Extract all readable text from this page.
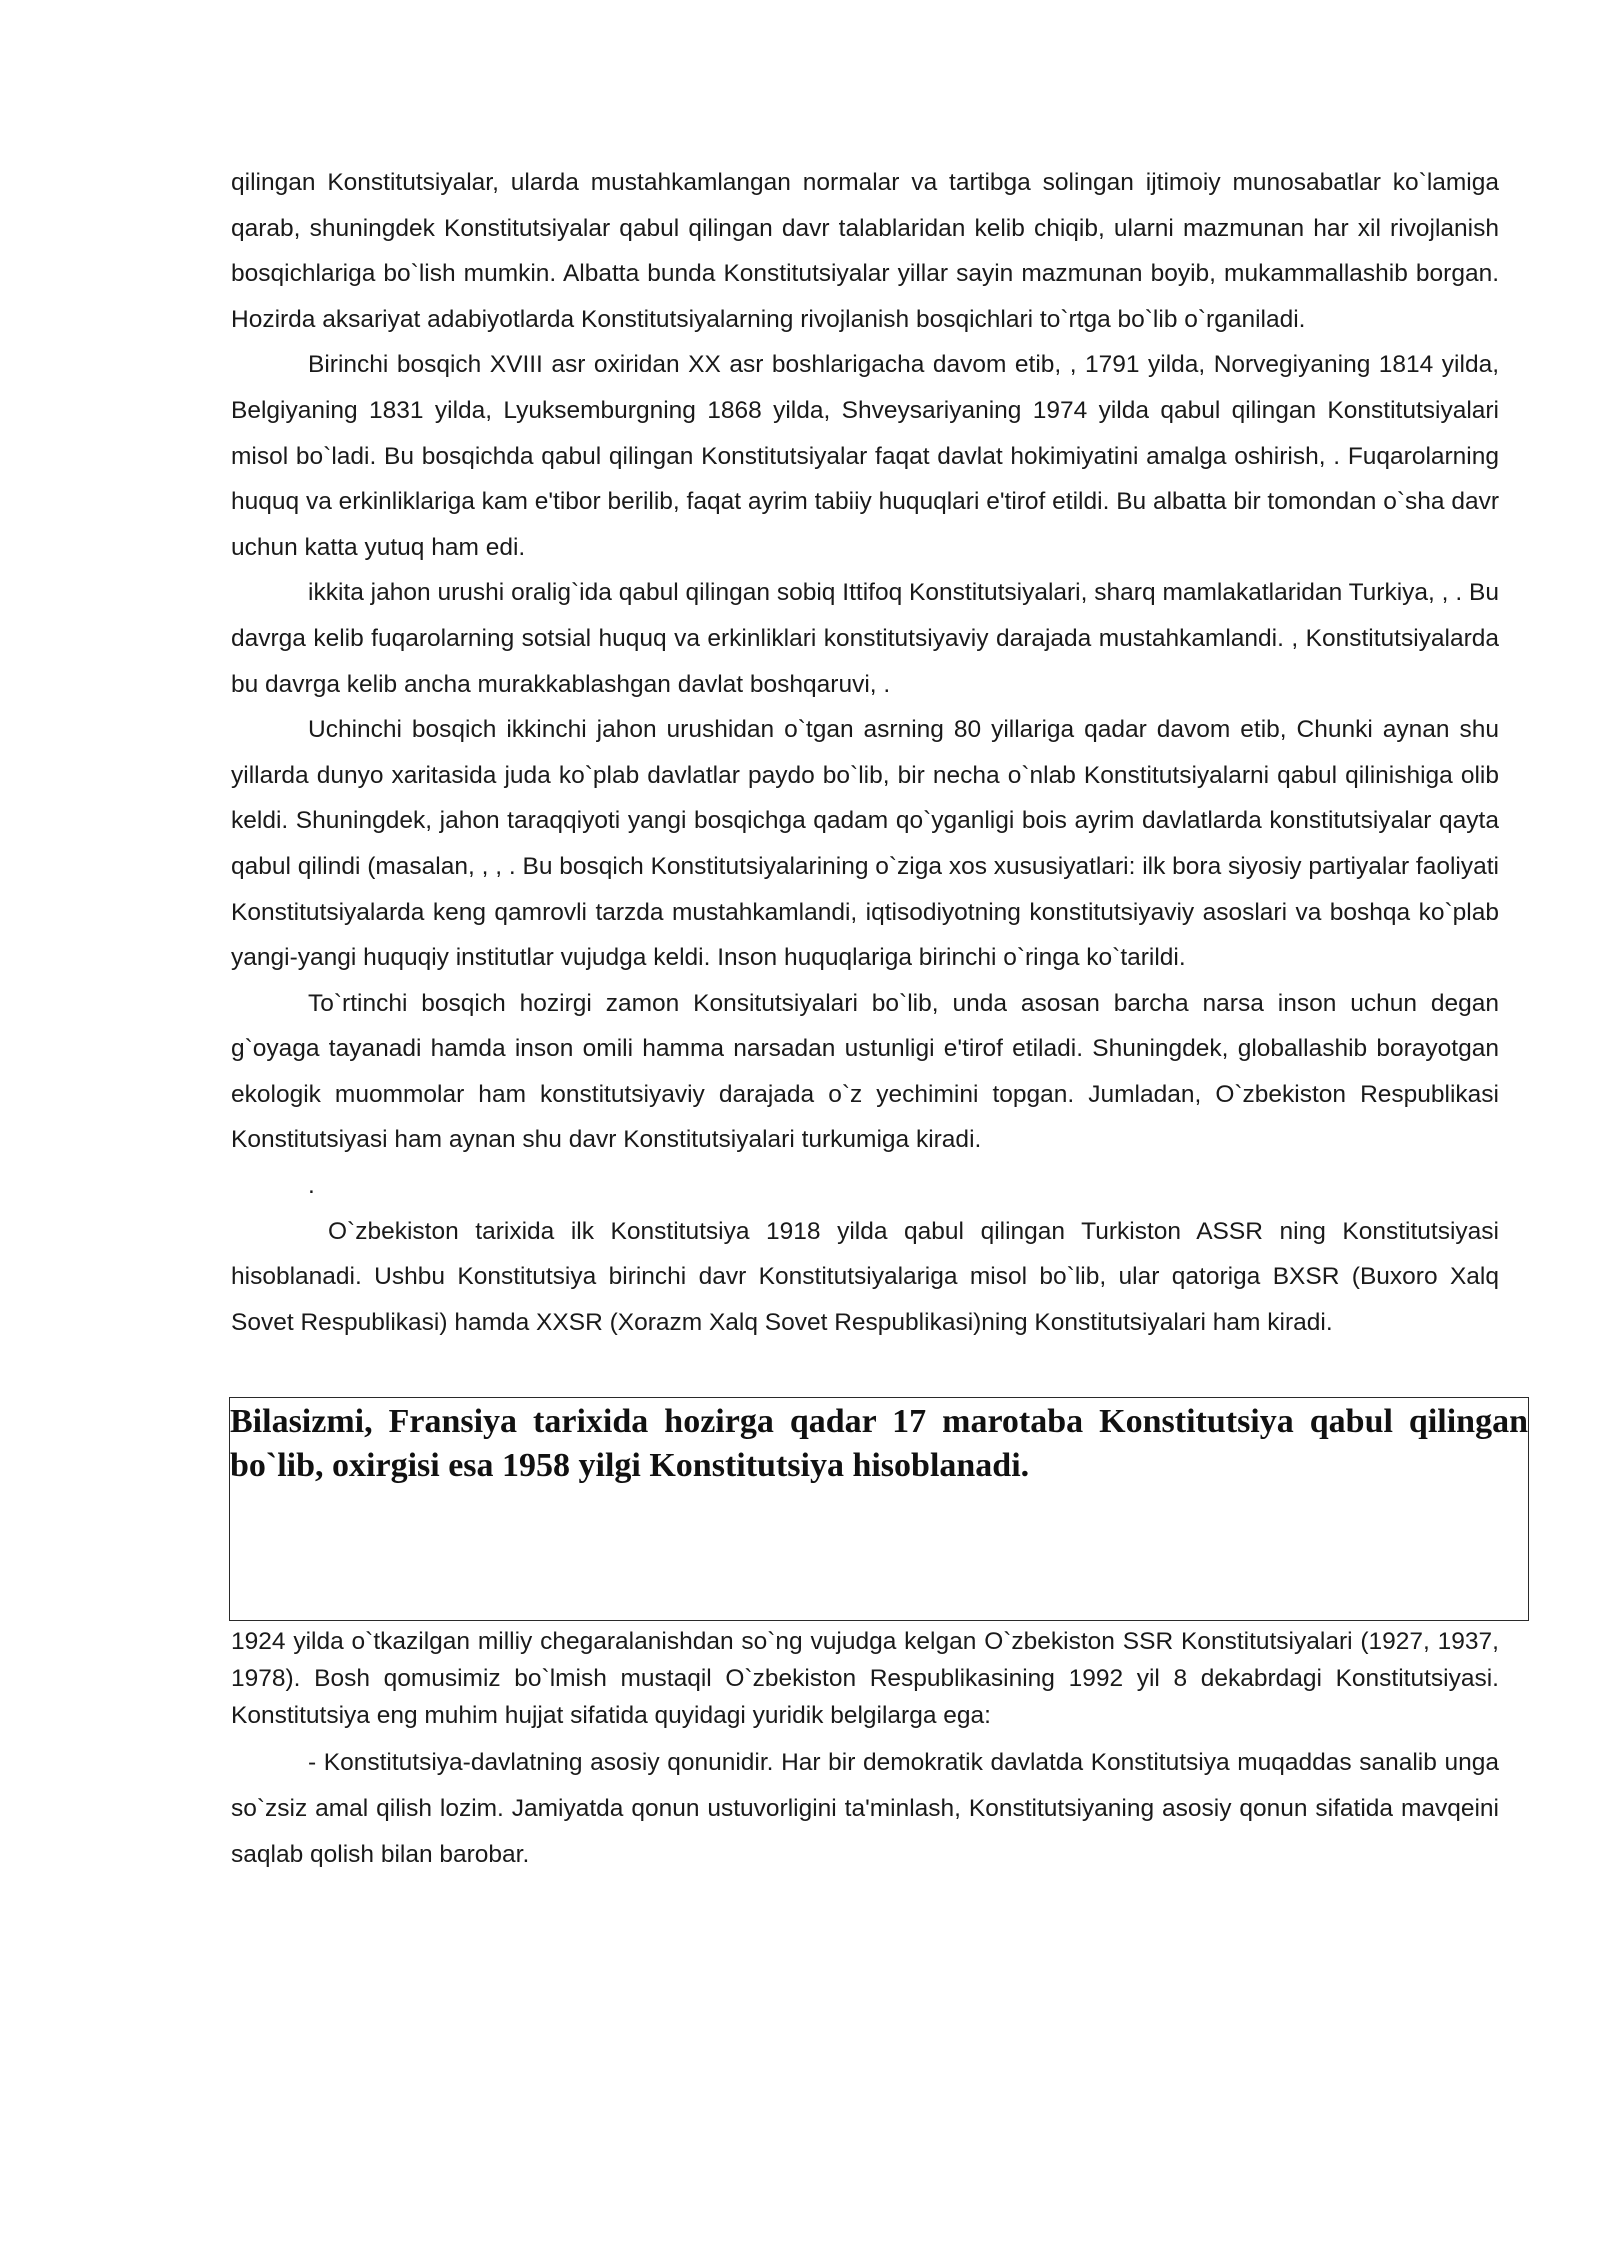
qilingan Konstitutsiyalar, ularda mustahkamlangan normalar va tartibga solingan ijtimoiy munosabatlar ko`lamiga qarab, shuningdek Konstitutsiyalar qabul qilingan davr talablaridan kelib chiqib, ularni mazmunan har xil rivojlanish bosqichlariga bo`lish mumkin. Albatta bunda Konstitutsiyalar yillar sayin mazmunan boyib, mukammallashib borgan. Hozirda aksariyat adabiyotlarda Konstitutsiyalarning rivojlanish bosqichlari to`rtga bo`lib o`rganiladi.

Birinchi bosqich XVIII asr oxiridan XX asr boshlarigacha davom etib, , 1791 yilda, Norvegiyaning 1814 yilda, Belgiyaning 1831 yilda, Lyuksemburgning 1868 yilda, Shveysariyaning 1974 yilda qabul qilingan Konstitutsiyalari misol bo`ladi. Bu bosqichda qabul qilingan Konstitutsiyalar faqat davlat hokimiyatini amalga oshirish, . Fuqarolarning huquq va erkinliklariga kam e'tibor berilib, faqat ayrim tabiiy huquqlari e'tirof etildi. Bu albatta bir tomondan o`sha davr uchun katta yutuq ham edi.

ikkita jahon urushi oralig`ida qabul qilingan sobiq Ittifoq Konstitutsiyalari, sharq mamlakatlaridan Turkiya, , . Bu davrga kelib fuqarolarning sotsial huquq va erkinliklari konstitutsiyaviy darajada mustahkamlandi. , Konstitutsiyalarda bu davrga kelib ancha murakkablashgan davlat boshqaruvi, .

Uchinchi bosqich ikkinchi jahon urushidan o`tgan asrning 80 yillariga qadar davom etib, Chunki aynan shu yillarda dunyo xaritasida juda ko`plab davlatlar paydo bo`lib, bir necha o`nlab Konstitutsiyalarni qabul qilinishiga olib keldi. Shuningdek, jahon taraqqiyoti yangi bosqichga qadam qo`yganligi bois ayrim davlatlarda konstitutsiyalar qayta qabul qilindi (masalan, , , . Bu bosqich Konstitutsiyalarining o`ziga xos xususiyatlari: ilk bora siyosiy partiyalar faoliyati Konstitutsiyalarda keng qamrovli tarzda mustahkamlandi, iqtisodiyotning konstitutsiyaviy asoslari va boshqa ko`plab yangi-yangi huquqiy institutlar vujudga keldi. Inson huquqlariga birinchi o`ringa ko`tarildi.

To`rtinchi bosqich hozirgi zamon Konsitutsiyalari bo`lib, unda asosan barcha narsa inson uchun degan g`oyaga tayanadi hamda inson omili hamma narsadan ustunligi e'tirof etiladi. Shuningdek, globallashib borayotgan ekologik muommolar ham konstitutsiyaviy darajada o`z yechimini topgan. Jumladan, O`zbekiston Respublikasi Konstitutsiyasi ham aynan shu davr Konstitutsiyalari turkumiga kiradi.

.

O`zbekiston tarixida ilk Konstitutsiya 1918 yilda qabul qilingan Turkiston ASSR ning Konstitutsiyasi hisoblanadi. Ushbu Konstitutsiya birinchi davr Konstitutsiyalariga misol bo`lib, ular qatoriga BXSR (Buxoro Xalq Sovet Respublikasi) hamda XXSR (Xorazm Xalq Sovet Respublikasi)ning Konstitutsiyalari ham kiradi.

Bilasizmi, Fransiya tarixida hozirga qadar 17 marotaba Konstitutsiya qabul qilingan bo`lib, oxirgisi esa 1958 yilgi Konstitutsiya hisoblanadi.

1924 yilda o`tkazilgan milliy chegaralanishdan so`ng vujudga kelgan O`zbekiston SSR Konstitutsiyalari (1927, 1937, 1978). Bosh qomusimiz bo`lmish mustaqil O`zbekiston Respublikasining 1992 yil 8 dekabrdagi Konstitutsiyasi. Konstitutsiya eng muhim hujjat sifatida quyidagi yuridik belgilarga ega:

- Konstitutsiya-davlatning asosiy qonunidir. Har bir demokratik davlatda Konstitutsiya muqaddas sanalib unga so`zsiz amal qilish lozim. Jamiyatda qonun ustuvorligini ta'minlash, Konstitutsiyaning asosiy qonun sifatida mavqeini saqlab qolish bilan barobar.
